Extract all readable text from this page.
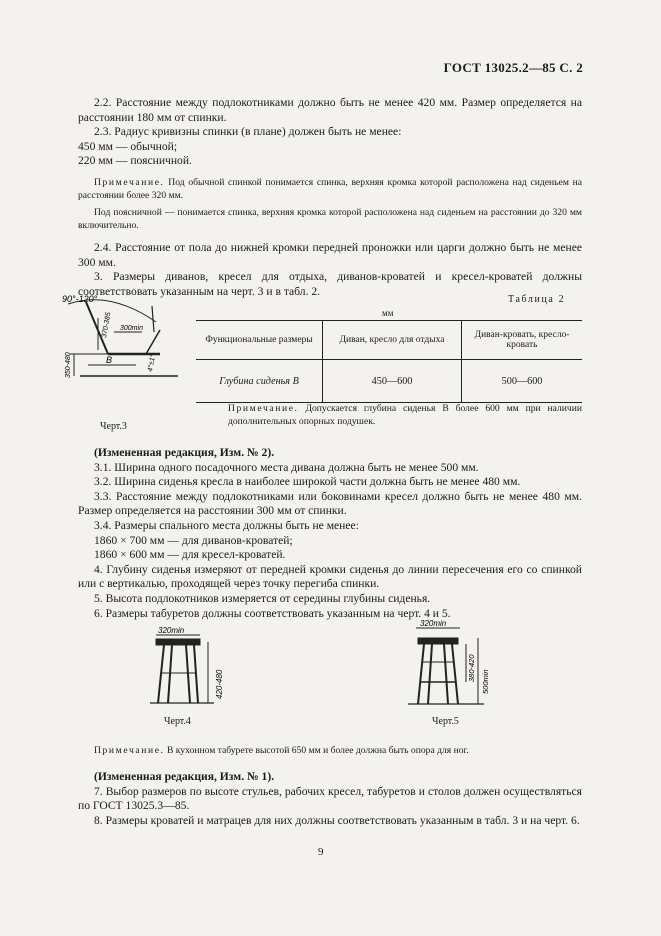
ГОСТ 13025.2—85 С. 2
2.2. Расстояние между подлокотниками должно быть не менее 420 мм. Размер определяется на расстоянии 180 мм от спинки.
2.3. Радиус кривизны спинки (в плане) должен быть не менее:
450 мм — обычной;
220 мм — поясничной.
Примечание. Под обычной спинкой понимается спинка, верхняя кромка которой расположена над сиденьем на расстоянии более 320 мм.
Под поясничной — понимается спинка, верхняя кромка которой расположена над сиденьем на расстоянии до 320 мм включительно.
2.4. Расстояние от пола до нижней кромки передней проножки или царги должно быть не менее 300 мм.
3. Размеры диванов, кресел для отдыха, диванов-кроватей и кресел-кроватей должны соответствовать указанным на черт. 3 и в табл. 2.
90°-120°
370-385 300min
B	4°±1°
350-480
Черт.3
Таблица 2
мм
Функциональные размеры	Диван, кресло для отдыха	Диван-кровать, кресло-кровать
Глубина сиденья B	450—600	500—600
Примечание. Допускается глубина сиденья B более 600 мм при наличии дополнительных опорных подушек.
(Измененная редакция, Изм. № 2).
3.1. Ширина одного посадочного места дивана должна быть не менее 500 мм.
3.2. Ширина сиденья кресла в наиболее широкой части должна быть не менее 480 мм.
3.3. Расстояние между подлокотниками или боковинами кресел должно быть не менее 480 мм. Размер определяется на расстоянии 300 мм от спинки.
3.4. Размеры спального места должны быть не менее:
1860 × 700 мм — для диванов-кроватей;
1860 × 600 мм — для кресел-кроватей.
4. Глубину сиденья измеряют от передней кромки сиденья до линии пересечения его со спинкой или с вертикалью, проходящей через точку перегиба спинки.
5. Высота подлокотников измеряется от середины глубины сиденья.
6. Размеры табуретов должны соответствовать указанным на черт. 4 и 5.
320min
420-480
Черт.4
320min
380-420 500min
Черт.5
Примечание. В кухонном табурете высотой 650 мм и более должна быть опора для ног.
(Измененная редакция, Изм. № 1).
7. Выбор размеров по высоте стульев, рабочих кресел, табуретов и столов должен осуществляться по ГОСТ 13025.3—85.
8. Размеры кроватей и матрацев для них должны соответствовать указанным в табл. 3 и на черт. 6.
9
